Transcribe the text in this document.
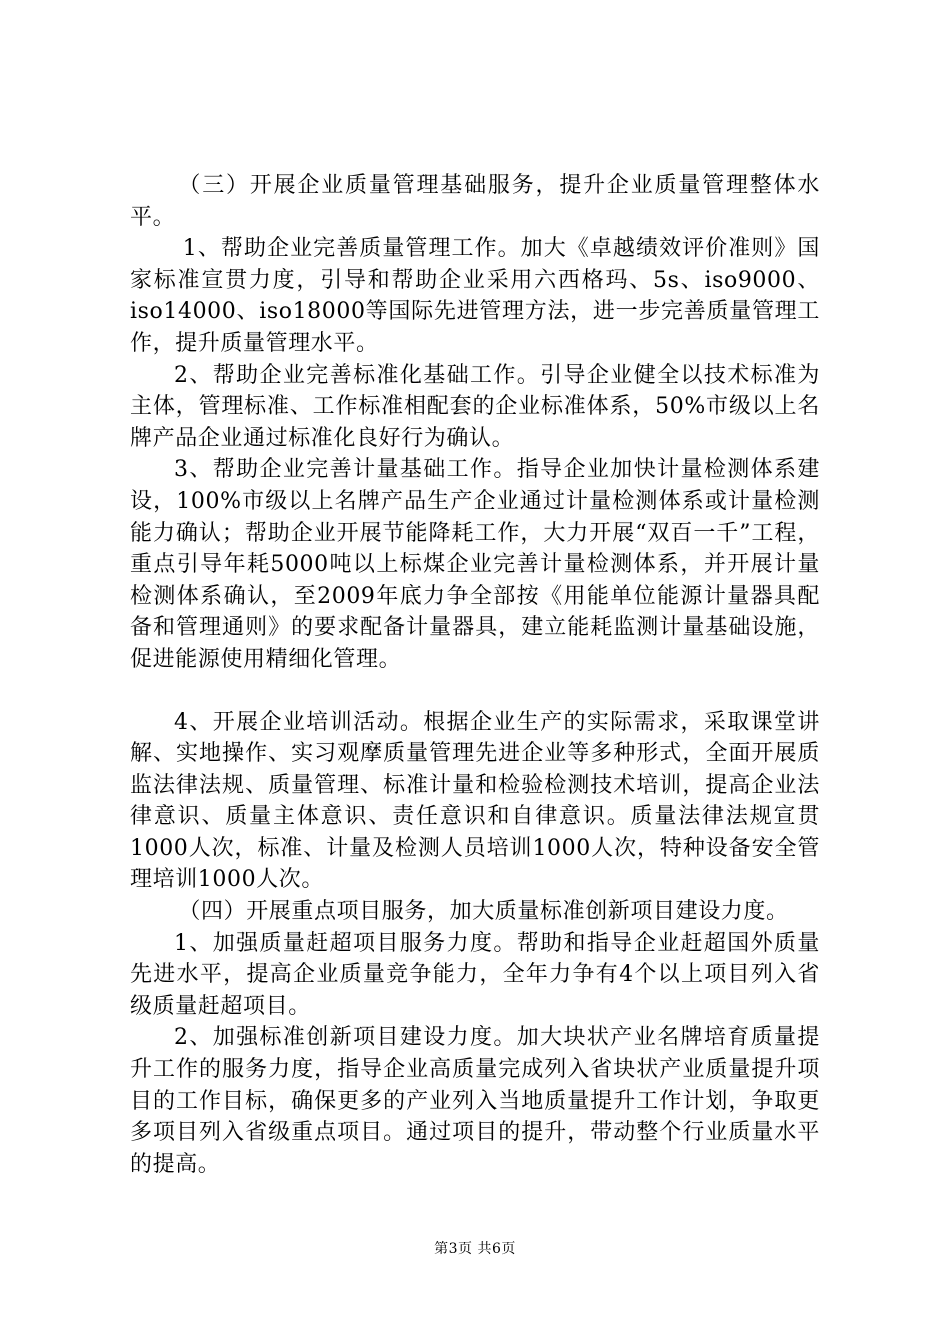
（三）开展企业质量管理基础服务，提升企业质量管理整体水平。

1、帮助企业完善质量管理工作。加大《卓越绩效评价准则》国家标准宣贯力度，引导和帮助企业采用六西格玛、5s、iso9000、iso14000、iso18000等国际先进管理方法，进一步完善质量管理工作，提升质量管理水平。

2、帮助企业完善标准化基础工作。引导企业健全以技术标准为主体，管理标准、工作标准相配套的企业标准体系，50%市级以上名牌产品企业通过标准化良好行为确认。

3、帮助企业完善计量基础工作。指导企业加快计量检测体系建设，100%市级以上名牌产品生产企业通过计量检测体系或计量检测能力确认；帮助企业开展节能降耗工作，大力开展“双百一千”工程，重点引导年耗5000吨以上标煤企业完善计量检测体系，并开展计量检测体系确认，至2009年底力争全部按《用能单位能源计量器具配备和管理通则》的要求配备计量器具，建立能耗监测计量基础设施，促进能源使用精细化管理。

4、开展企业培训活动。根据企业生产的实际需求，采取课堂讲解、实地操作、实习观摩质量管理先进企业等多种形式，全面开展质监法律法规、质量管理、标准计量和检验检测技术培训，提高企业法律意识、质量主体意识、责任意识和自律意识。质量法律法规宣贯1000人次，标准、计量及检测人员培训1000人次，特种设备安全管理培训1000人次。

（四）开展重点项目服务，加大质量标准创新项目建设力度。

1、加强质量赶超项目服务力度。帮助和指导企业赶超国外质量先进水平，提高企业质量竞争能力，全年力争有4个以上项目列入省级质量赶超项目。

2、加强标准创新项目建设力度。加大块状产业名牌培育质量提升工作的服务力度，指导企业高质量完成列入省块状产业质量提升项目的工作目标，确保更多的产业列入当地质量提升工作计划，争取更多项目列入省级重点项目。通过项目的提升，带动整个行业质量水平的提高。

第3页 共6页
